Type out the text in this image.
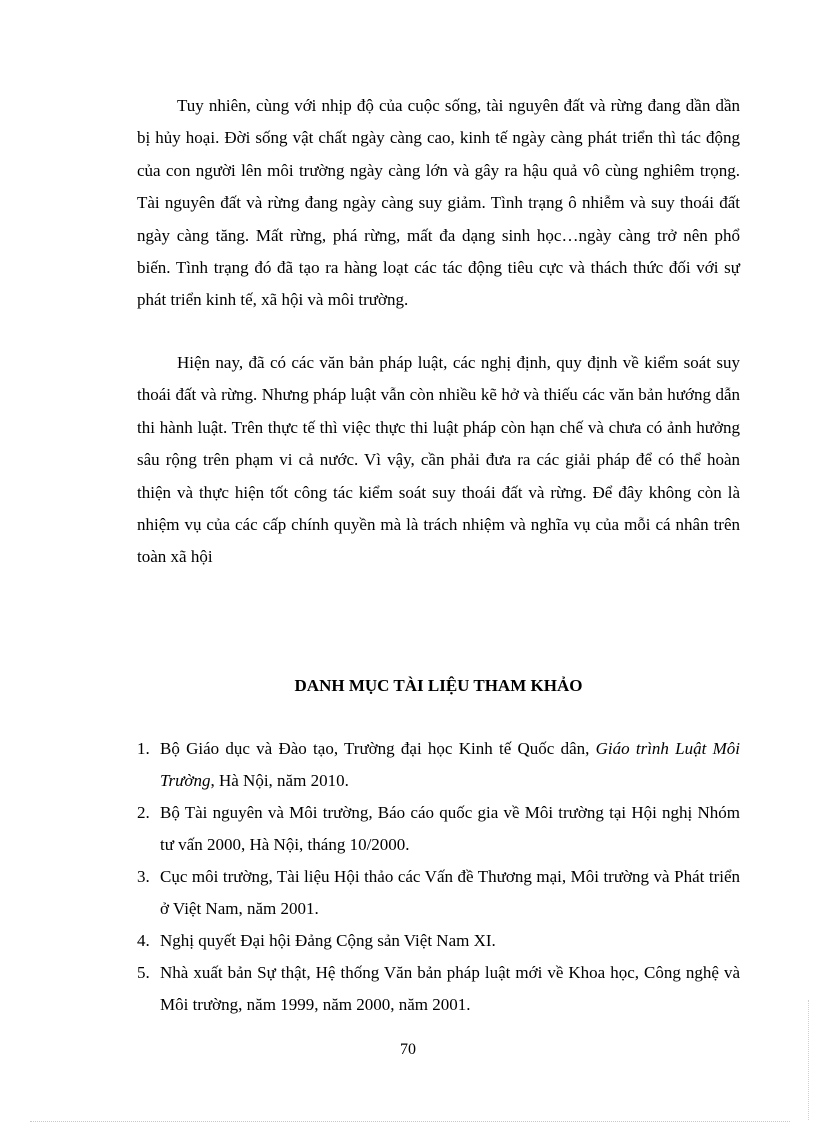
Tuy nhiên, cùng với nhịp độ của cuộc sống, tài nguyên đất và rừng đang dần dần bị hủy hoại. Đời sống vật chất ngày càng cao, kinh tế ngày càng phát triển thì tác động của con người lên môi trường ngày càng lớn và gây ra hậu quả vô cùng nghiêm trọng. Tài nguyên đất và rừng đang ngày càng suy giảm. Tình trạng ô nhiễm và suy thoái đất ngày càng tăng. Mất rừng, phá rừng, mất đa dạng sinh học…ngày càng trở nên phổ biến. Tình trạng đó đã tạo ra hàng loạt các tác động tiêu cực và thách thức đối với sự phát triển kinh tế, xã hội và môi trường.

Hiện nay, đã có các văn bản pháp luật, các nghị định, quy định về kiểm soát suy thoái đất và rừng. Nhưng pháp luật vẫn còn nhiều kẽ hở và thiếu các văn bản hướng dẫn thi hành luật. Trên thực tế thì việc thực thi luật pháp còn hạn chế và chưa có ảnh hưởng sâu rộng trên phạm vi cả nước. Vì vậy, cần phải đưa ra các giải pháp để có thể hoàn thiện và thực hiện tốt công tác kiểm soát suy thoái đất và rừng. Để đây không còn là nhiệm vụ của các cấp chính quyền mà là trách nhiệm và nghĩa vụ của mỗi cá nhân trên toàn xã hội

DANH MỤC TÀI LIỆU THAM KHẢO
1. Bộ Giáo dục và Đào tạo, Trường đại học Kinh tế Quốc dân, Giáo trình Luật Môi Trường, Hà Nội, năm 2010.
2. Bộ Tài nguyên và Môi trường, Báo cáo quốc gia về Môi trường tại Hội nghị Nhóm tư vấn 2000, Hà Nội, tháng 10/2000.
3. Cục môi trường, Tài liệu Hội thảo các Vấn đề Thương mại, Môi trường và Phát triển ở Việt Nam, năm 2001.
4. Nghị quyết Đại hội Đảng Cộng sản Việt Nam XI.
5. Nhà xuất bản Sự thật, Hệ thống Văn bản pháp luật mới về Khoa học, Công nghệ và Môi trường, năm 1999, năm 2000, năm 2001.
70
